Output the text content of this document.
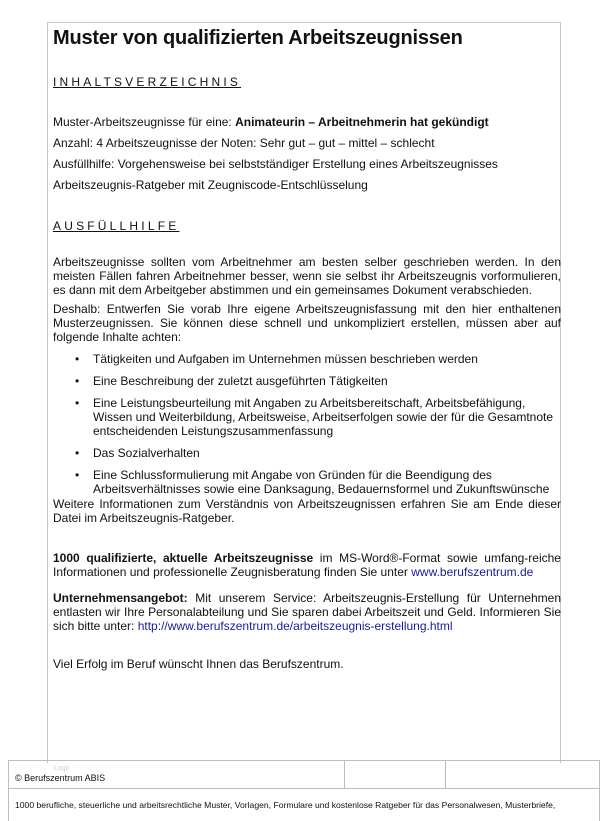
Muster von qualifizierten Arbeitszeugnissen

INHALTSVERZEICHNIS

Muster-Arbeitszeugnisse für eine: Animateurin – Arbeitnehmerin hat gekündigt

Anzahl: 4 Arbeitszeugnisse der Noten: Sehr gut – gut – mittel – schlecht

Ausfüllhilfe: Vorgehensweise bei selbstständiger Erstellung eines Arbeitszeugnisses

Arbeitszeugnis-Ratgeber mit Zeugniscode-Entschlüsselung

AUSFÜLLHILFE

Arbeitszeugnisse sollten vom Arbeitnehmer am besten selber geschrieben werden. In den meisten Fällen fahren Arbeitnehmer besser, wenn sie selbst ihr Arbeitszeugnis vorformulieren, es dann mit dem Arbeitgeber abstimmen und ein gemeinsames Dokument verabschieden.

Deshalb: Entwerfen Sie vorab Ihre eigene Arbeitszeugnisfassung mit den hier enthaltenen Musterzeugnissen. Sie können diese schnell und unkompliziert erstellen, müssen aber auf folgende Inhalte achten:

• Tätigkeiten und Aufgaben im Unternehmen müssen beschrieben werden
• Eine Beschreibung der zuletzt ausgeführten Tätigkeiten
• Eine Leistungsbeurteilung mit Angaben zu Arbeitsbereitschaft, Arbeitsbefähigung, Wissen und Weiterbildung, Arbeitsweise, Arbeitserfolgen sowie der für die Gesamtnote entscheidenden Leistungszusammenfassung
• Das Sozialverhalten
• Eine Schlussformulierung mit Angabe von Gründen für die Beendigung des Arbeitsverhältnisses sowie eine Danksagung, Bedauernsformel und Zukunftswünsche

Weitere Informationen zum Verständnis von Arbeitszeugnissen erfahren Sie am Ende dieser Datei im Arbeitszeugnis-Ratgeber.

1000 qualifizierte, aktuelle Arbeitszeugnisse im MS-Word®-Format sowie umfang-reiche Informationen und professionelle Zeugnisberatung finden Sie unter www.berufszentrum.de

Unternehmensangebot: Mit unserem Service: Arbeitszeugnis-Erstellung für Unternehmen entlasten wir Ihre Personalabteilung und Sie sparen dabei Arbeitszeit und Geld. Informieren Sie sich bitte unter: http://www.berufszentrum.de/arbeitszeugnis-erstellung.html

Viel Erfolg im Beruf wünscht Ihnen das Berufszentrum.

Logo
© Berufszentrum ABIS
1000 berufliche, steuerliche und arbeitsrechtliche Muster, Vorlagen, Formulare und kostenlose Ratgeber für das Personalwesen, Musterbriefe,
